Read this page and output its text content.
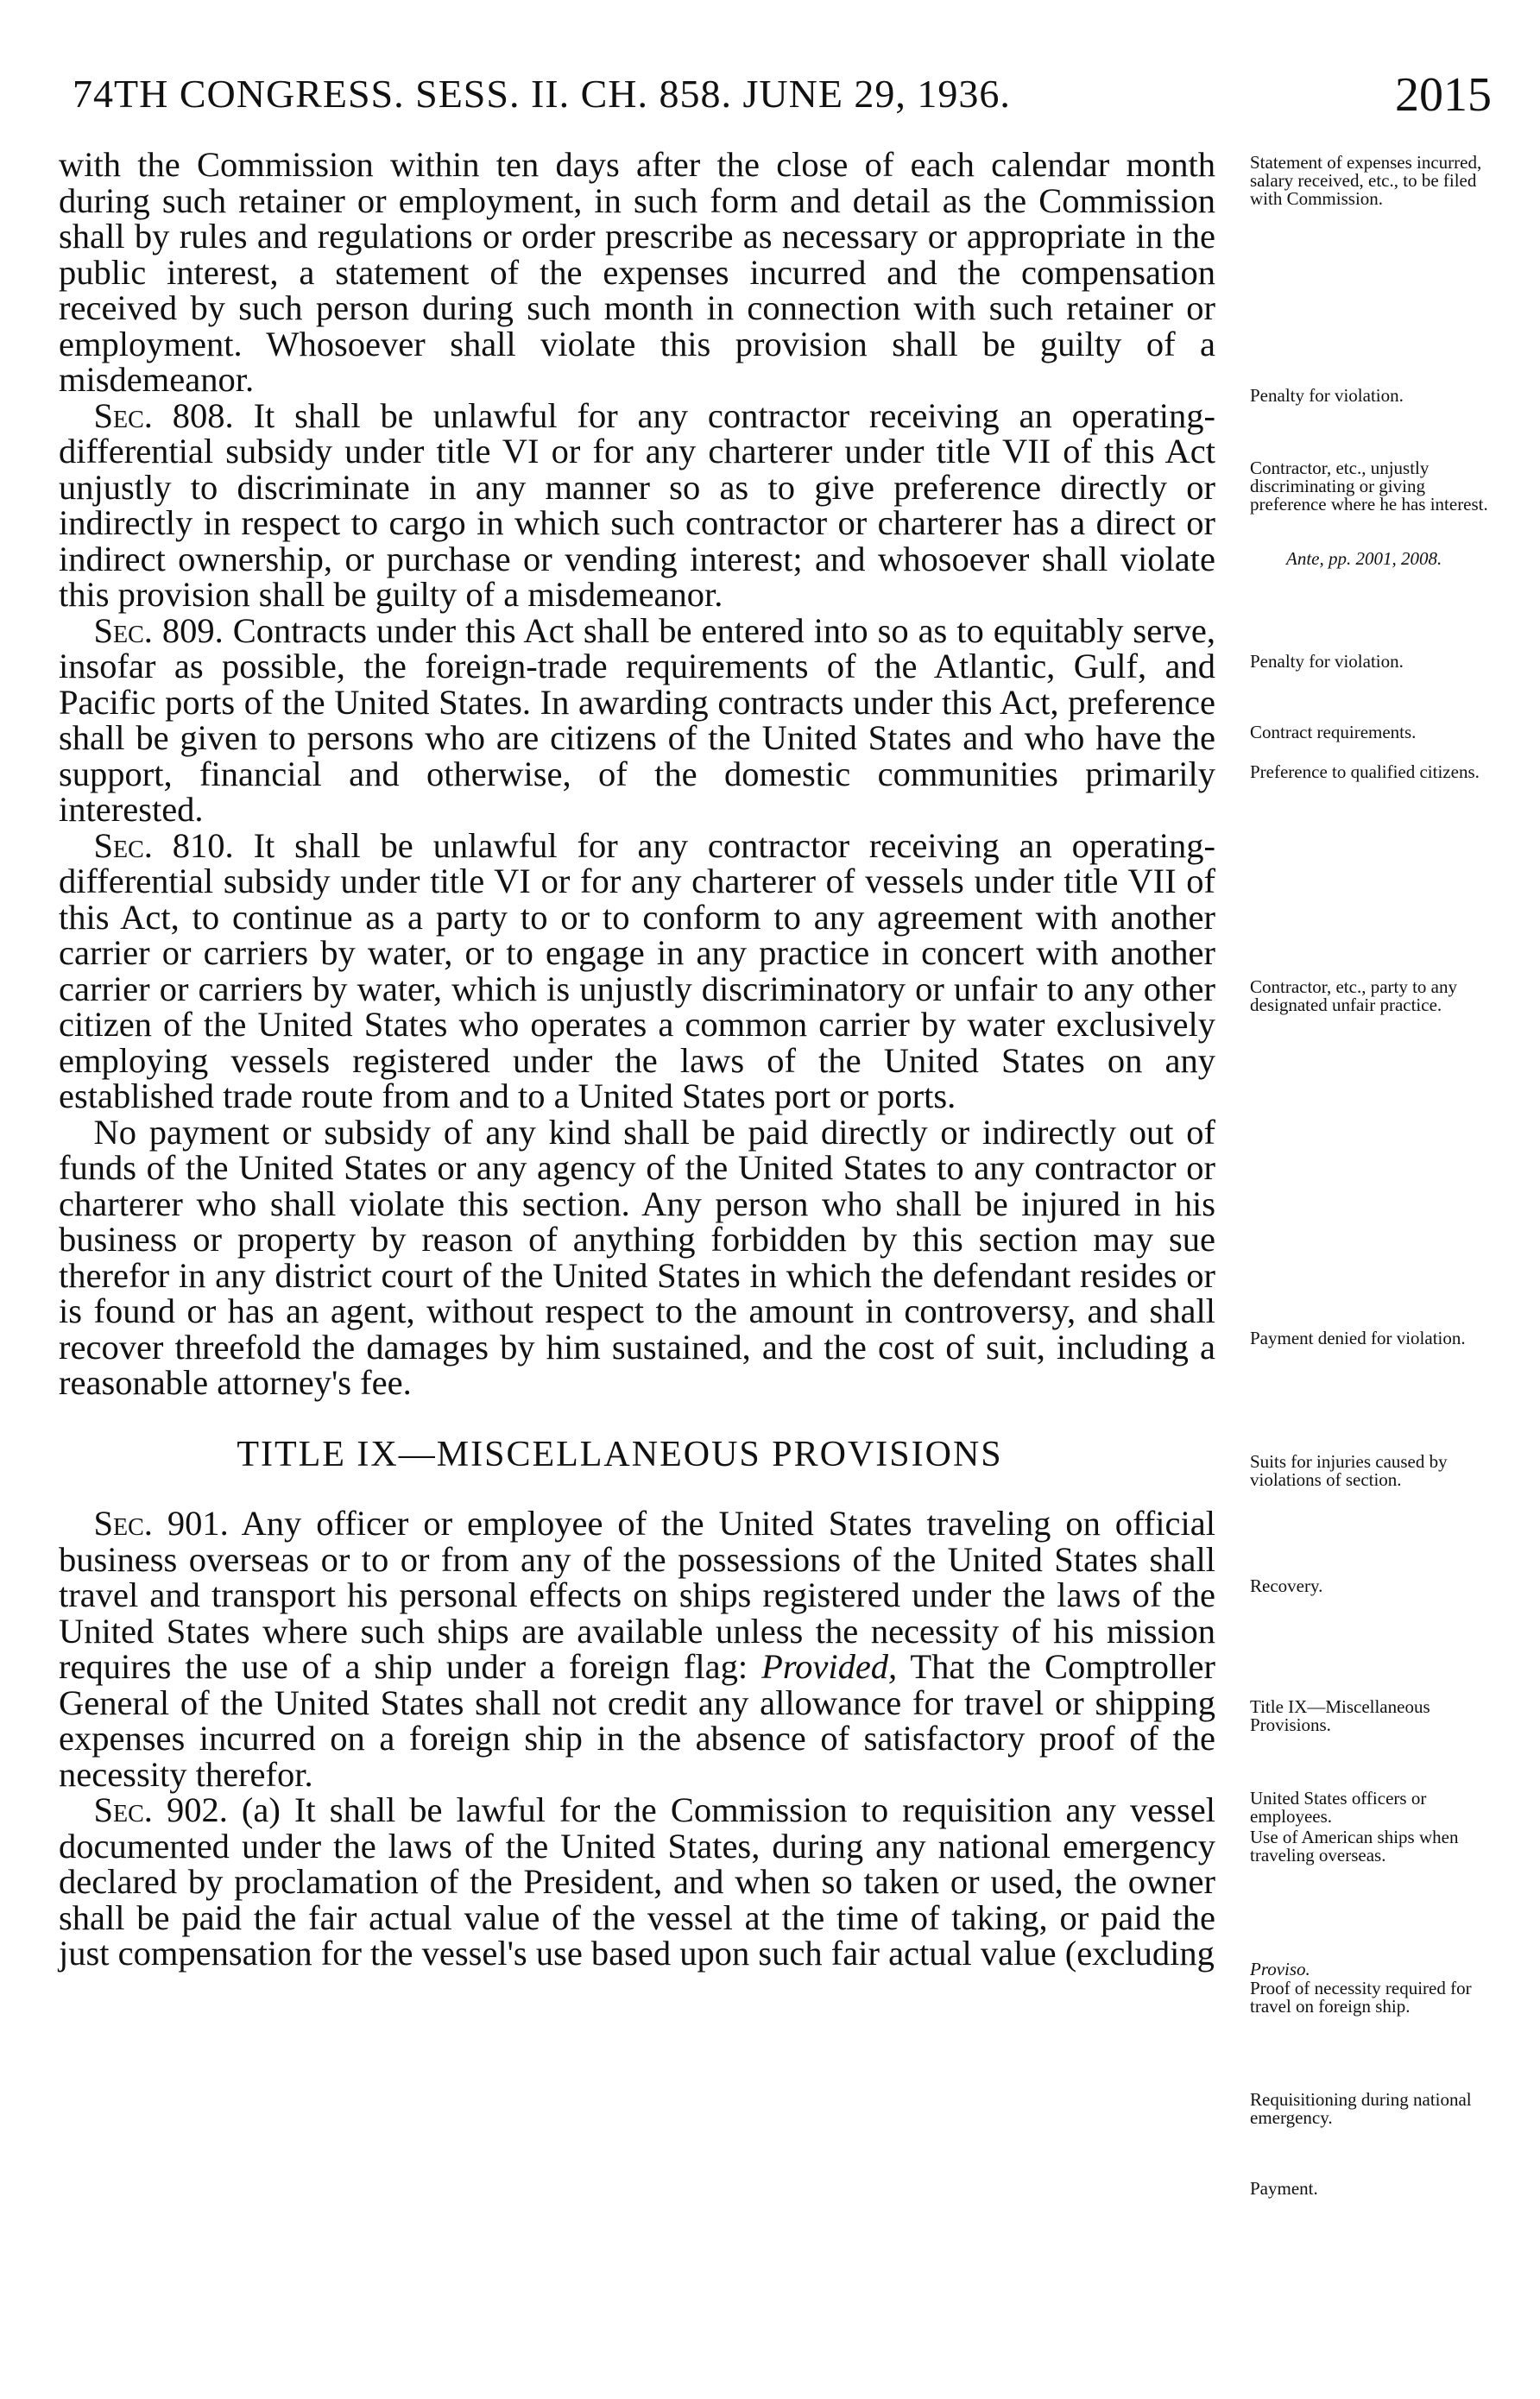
74TH CONGRESS. SESS. II. CH. 858. JUNE 29, 1936.	2015

with the Commission within ten days after the close of each calendar month during such retainer or employment, in such form and detail as the Commission shall by rules and regulations or order prescribe as necessary or appropriate in the public interest, a statement of the expenses incurred and the compensation received by such person during such month in connection with such retainer or employment. Whosoever shall violate this provision shall be guilty of a misdemeanor.

 Sec. 808. It shall be unlawful for any contractor receiving an operating-differential subsidy under title VI or for any charterer under title VII of this Act unjustly to discriminate in any manner so as to give preference directly or indirectly in respect to cargo in which such contractor or charterer has a direct or indirect ownership, or purchase or vending interest; and whosoever shall violate this provision shall be guilty of a misdemeanor.

 Sec. 809. Contracts under this Act shall be entered into so as to equitably serve, insofar as possible, the foreign-trade requirements of the Atlantic, Gulf, and Pacific ports of the United States. In awarding contracts under this Act, preference shall be given to persons who are citizens of the United States and who have the support, financial and otherwise, of the domestic communities primarily interested.

 Sec. 810. It shall be unlawful for any contractor receiving an operating-differential subsidy under title VI or for any charterer of vessels under title VII of this Act, to continue as a party to or to conform to any agreement with another carrier or carriers by water, or to engage in any practice in concert with another carrier or carriers by water, which is unjustly discriminatory or unfair to any other citizen of the United States who operates a common carrier by water exclusively employing vessels registered under the laws of the United States on any established trade route from and to a United States port or ports.

 No payment or subsidy of any kind shall be paid directly or indirectly out of funds of the United States or any agency of the United States to any contractor or charterer who shall violate this section. Any person who shall be injured in his business or property by reason of anything forbidden by this section may sue therefor in any district court of the United States in which the defendant resides or is found or has an agent, without respect to the amount in controversy, and shall recover threefold the damages by him sustained, and the cost of suit, including a reasonable attorney's fee.

TITLE IX—MISCELLANEOUS PROVISIONS

 Sec. 901. Any officer or employee of the United States traveling on official business overseas or to or from any of the possessions of the United States shall travel and transport his personal effects on ships registered under the laws of the United States where such ships are available unless the necessity of his mission requires the use of a ship under a foreign flag: Provided, That the Comptroller General of the United States shall not credit any allowance for travel or shipping expenses incurred on a foreign ship in the absence of satisfactory proof of the necessity therefor.

 Sec. 902. (a) It shall be lawful for the Commission to requisition any vessel documented under the laws of the United States, during any national emergency declared by proclamation of the President, and when so taken or used, the owner shall be paid the fair actual value of the vessel at the time of taking, or paid the just compensation for the vessel's use based upon such fair actual value (excluding

Statement of expenses incurred, salary received, etc., to be filed with Commission.
Penalty for violation.
Contractor, etc., unjustly discriminating or giving preference where he has interest.
Ante, pp. 2001, 2008.
Penalty for violation.
Contract requirements.
Preference to qualified citizens.
Contractor, etc., party to any designated unfair practice.
Payment denied for violation.
Suits for injuries caused by violations of section.
Recovery.
Title IX—Miscellaneous Provisions.
United States officers or employees.
Use of American ships when traveling overseas.
Proviso.
Proof of necessity required for travel on foreign ship.
Requisitioning during national emergency.
Payment.
